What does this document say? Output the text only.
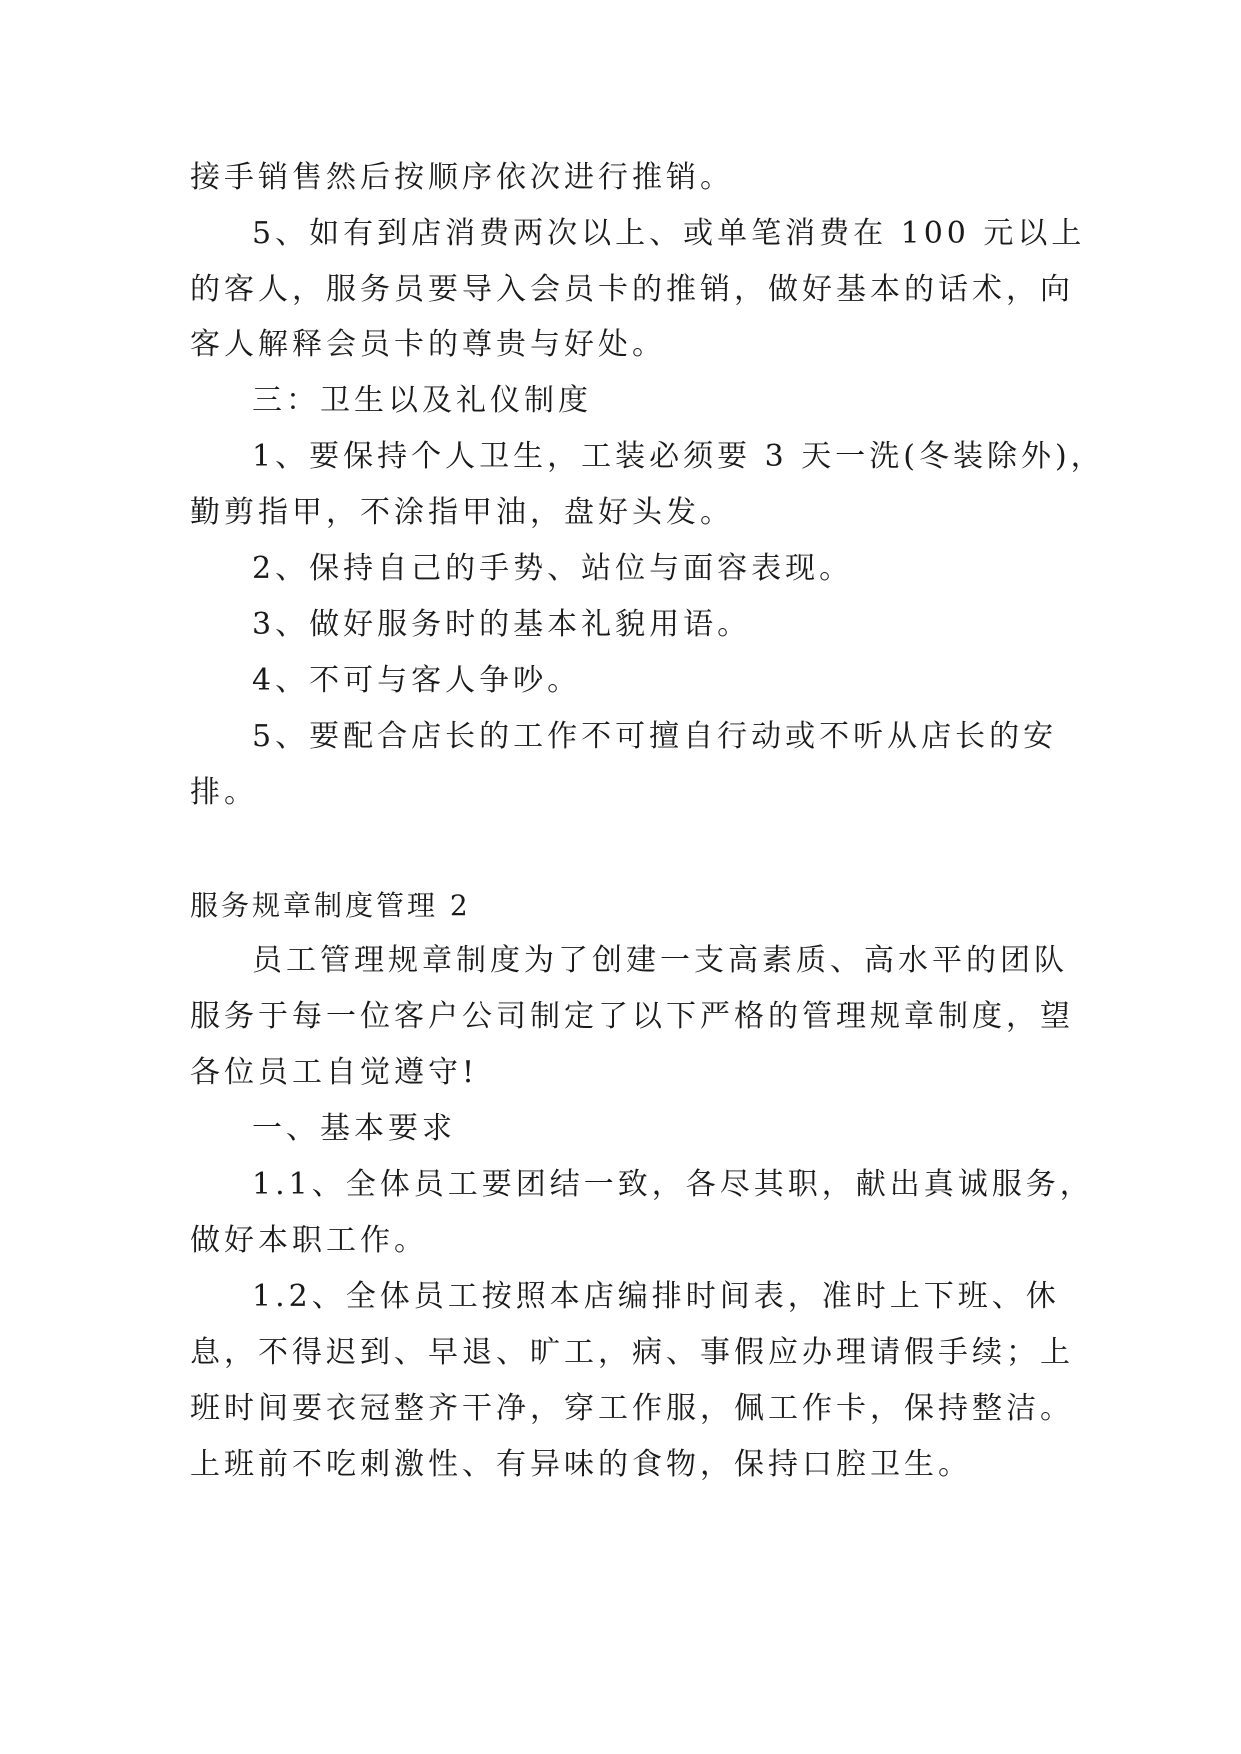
接手销售然后按顺序依次进行推销。
5、如有到店消费两次以上、或单笔消费在 100 元以上
的客人，服务员要导入会员卡的推销，做好基本的话术，向
客人解释会员卡的尊贵与好处。
三：卫生以及礼仪制度
1、要保持个人卫生，工装必须要 3 天一洗(冬装除外)，
勤剪指甲，不涂指甲油，盘好头发。
2、保持自己的手势、站位与面容表现。
3、做好服务时的基本礼貌用语。
4、不可与客人争吵。
5、要配合店长的工作不可擅自行动或不听从店长的安
排。
服务规章制度管理 2
员工管理规章制度为了创建一支高素质、高水平的团队
服务于每一位客户公司制定了以下严格的管理规章制度，望
各位员工自觉遵守!
一、基本要求
1.1、全体员工要团结一致，各尽其职，献出真诚服务，
做好本职工作。
1.2、全体员工按照本店编排时间表，准时上下班、休
息，不得迟到、早退、旷工，病、事假应办理请假手续；上
班时间要衣冠整齐干净，穿工作服，佩工作卡，保持整洁。
上班前不吃刺激性、有异味的食物，保持口腔卫生。
